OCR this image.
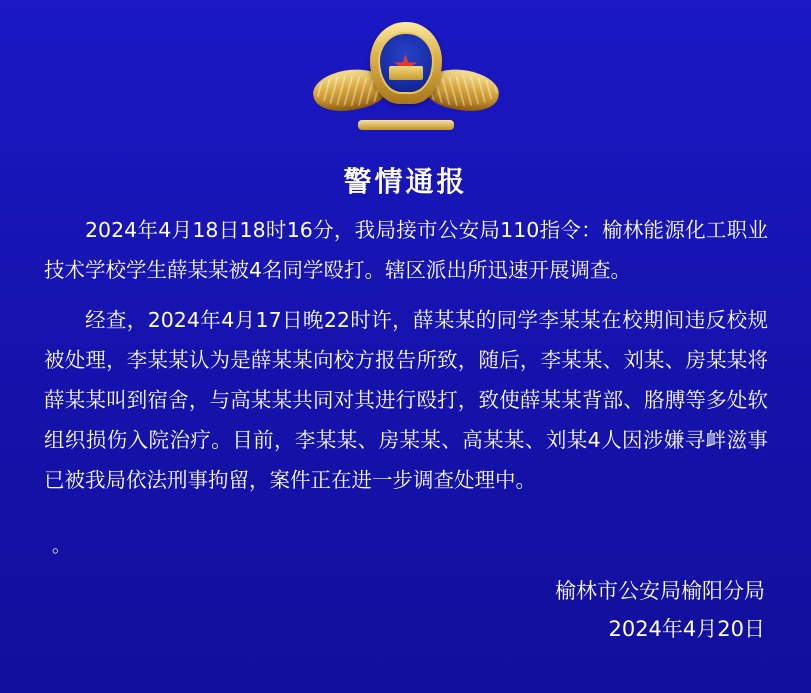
警情通报

2024年4月18日18时16分，我局接市公安局110指令：榆林能源化工职业技术学校学生薛某某被4名同学殴打。辖区派出所迅速开展调查。

经查，2024年4月17日晚22时许，薛某某的同学李某某在校期间违反校规被处理，李某某认为是薛某某向校方报告所致，随后，李某某、刘某、房某某将薛某某叫到宿舍，与高某某共同对其进行殴打，致使薛某某背部、胳膊等多处软组织损伤入院治疗。目前，李某某、房某某、高某某、刘某4人因涉嫌寻衅滋事已被我局依法刑事拘留，案件正在进一步调查处理中。

。
榆林市公安局榆阳分局
2024年4月20日
